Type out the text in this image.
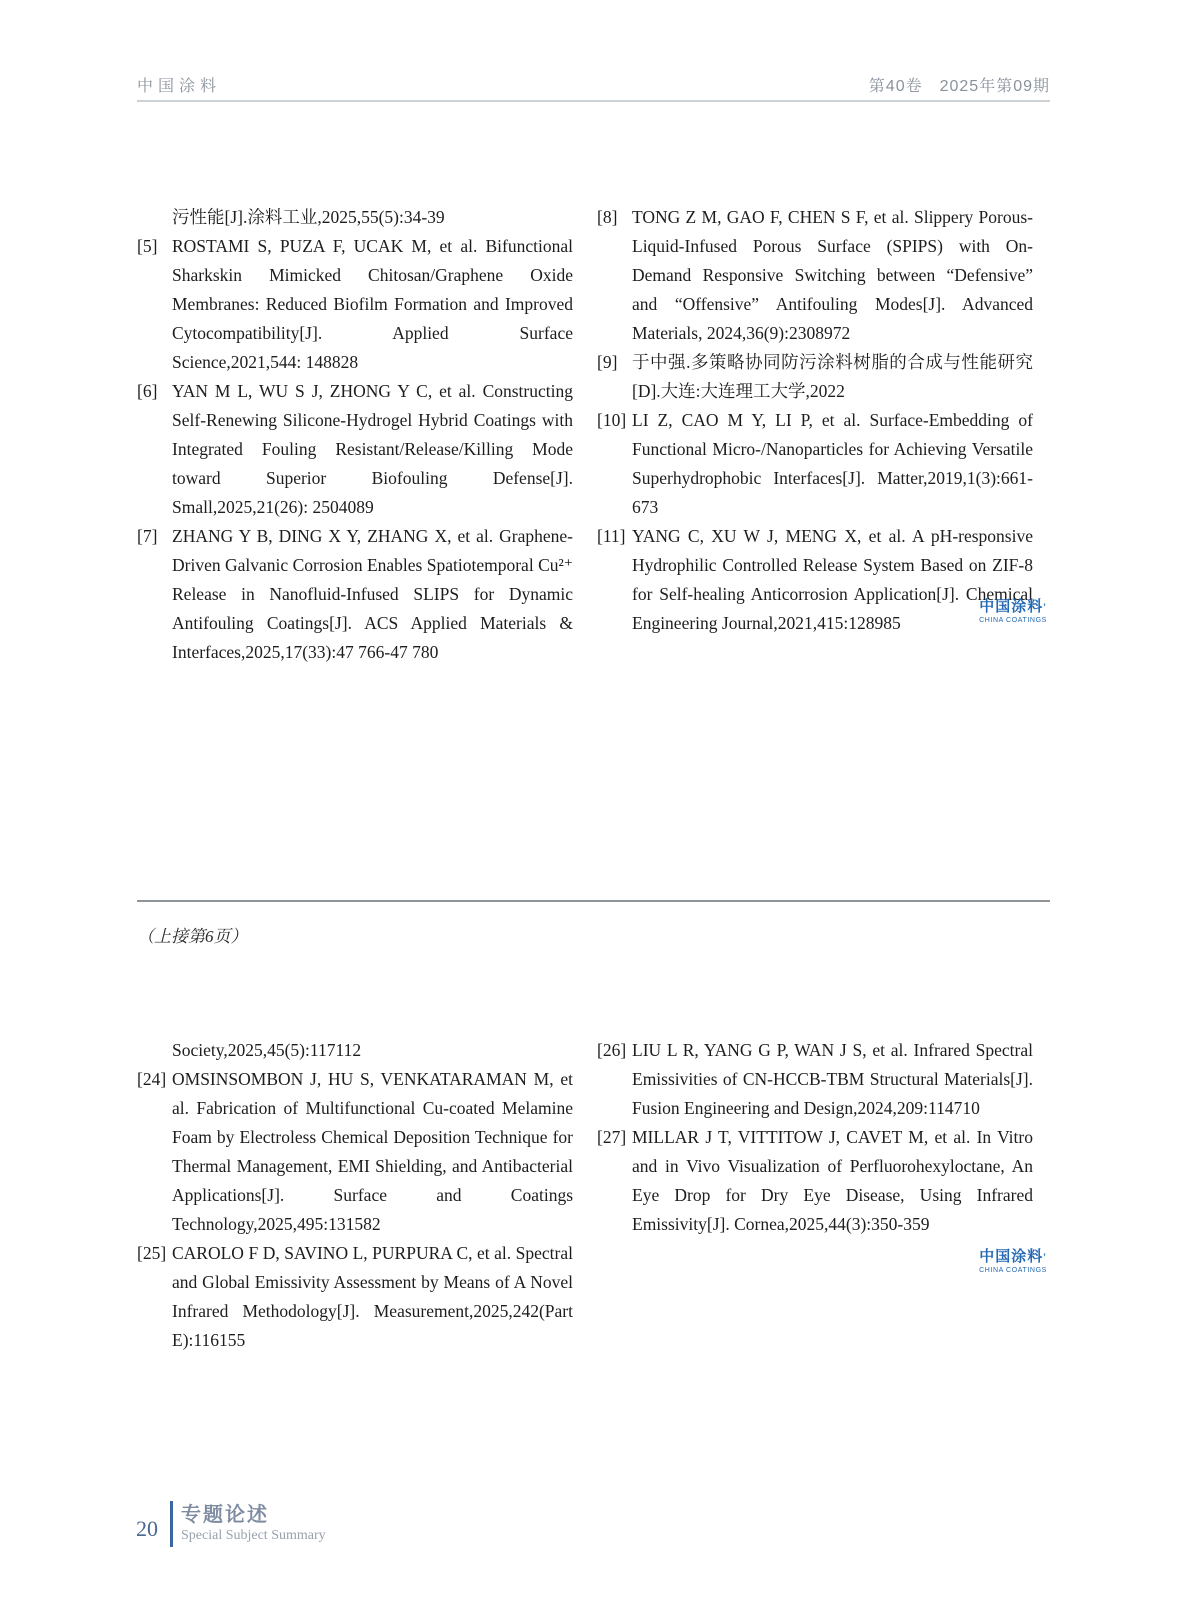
中国涂料	第40卷　2025年第09期
污性能[J].涂料工业,2025,55(5):34-39
[5] ROSTAMI S, PUZA F, UCAK M, et al. Bifunctional Sharkskin Mimicked Chitosan/Graphene Oxide Membranes: Reduced Biofilm Formation and Improved Cytocompatibility[J]. Applied Surface Science,2021,544: 148828
[6] YAN M L, WU S J, ZHONG Y C, et al. Constructing Self-Renewing Silicone-Hydrogel Hybrid Coatings with Integrated Fouling Resistant/Release/Killing Mode toward Superior Biofouling Defense[J]. Small,2025,21(26): 2504089
[7] ZHANG Y B, DING X Y, ZHANG X, et al. Graphene-Driven Galvanic Corrosion Enables Spatiotemporal Cu²⁺ Release in Nanofluid-Infused SLIPS for Dynamic Antifouling Coatings[J]. ACS Applied Materials & Interfaces,2025,17(33):47 766-47 780
[8] TONG Z M, GAO F, CHEN S F, et al. Slippery Porous-Liquid-Infused Porous Surface (SPIPS) with On-Demand Responsive Switching between “Defensive” and “Offensive” Antifouling Modes[J]. Advanced Materials, 2024,36(9):2308972
[9] 于中强.多策略协同防污涂料树脂的合成与性能研究[D].大连:大连理工大学,2022
[10] LI Z, CAO M Y, LI P, et al. Surface-Embedding of Functional Micro-/Nanoparticles for Achieving Versatile Superhydrophobic Interfaces[J]. Matter,2019,1(3):661-673
[11] YANG C, XU W J, MENG X, et al. A pH-responsive Hydrophilic Controlled Release System Based on ZIF-8 for Self-healing Anticorrosion Application[J]. Chemical Engineering Journal,2021,415:128985
中国涂料’
CHINA COATINGS
（上接第6页）
Society,2025,45(5):117112
[24] OMSINSOMBON J, HU S, VENKATARAMAN M, et al. Fabrication of Multifunctional Cu-coated Melamine Foam by Electroless Chemical Deposition Technique for Thermal Management, EMI Shielding, and Antibacterial Applications[J]. Surface and Coatings Technology,2025,495:131582
[25] CAROLO F D, SAVINO L, PURPURA C, et al. Spectral and Global Emissivity Assessment by Means of A Novel Infrared Methodology[J]. Measurement,2025,242(Part E):116155
[26] LIU L R, YANG G P, WAN J S, et al. Infrared Spectral Emissivities of CN-HCCB-TBM Structural Materials[J]. Fusion Engineering and Design,2024,209:114710
[27] MILLAR J T, VITTITOW J, CAVET M, et al. In Vitro and in Vivo Visualization of Perfluorohexyloctane, An Eye Drop for Dry Eye Disease, Using Infrared Emissivity[J]. Cornea,2025,44(3):350-359
中国涂料’
CHINA COATINGS
20
专题论述
Special Subject Summary
